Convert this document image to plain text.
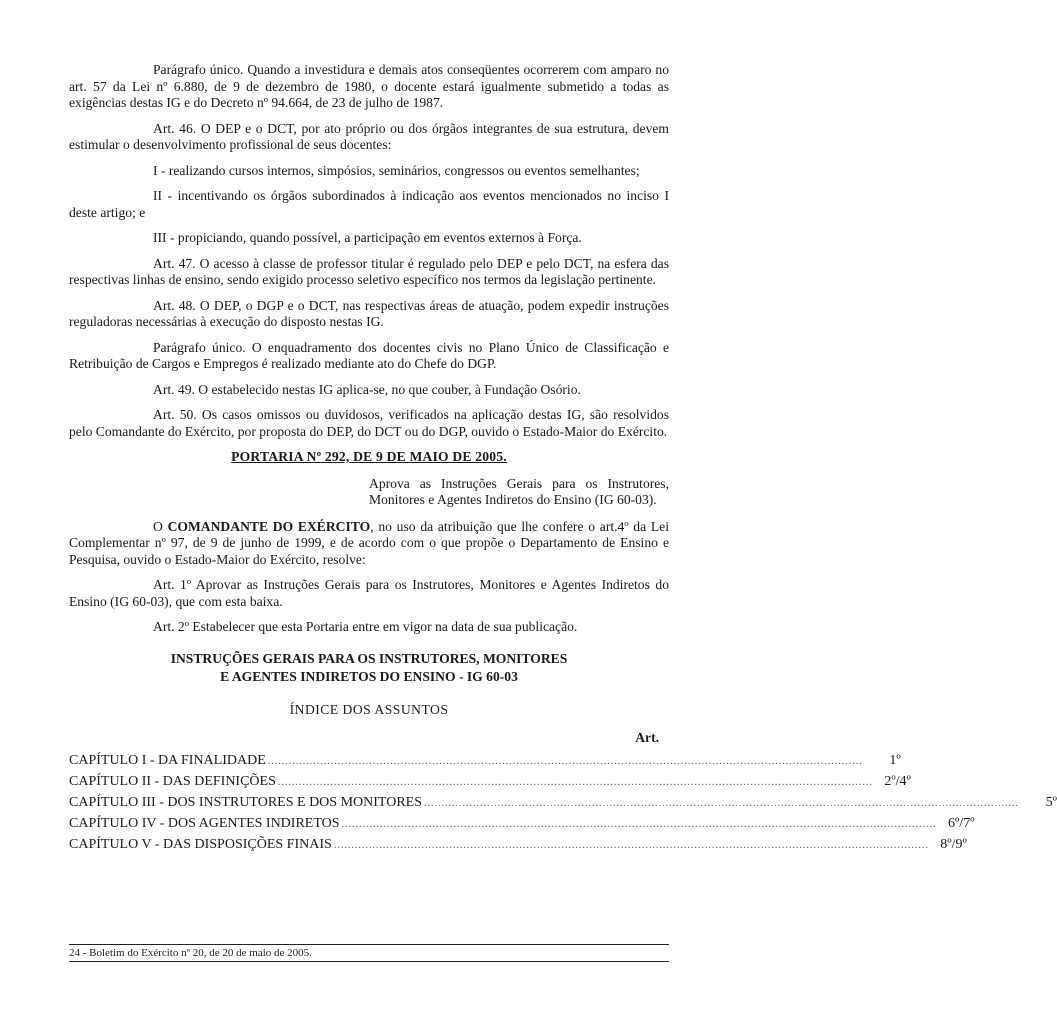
Parágrafo único. Quando a investidura e demais atos conseqüentes ocorrerem com amparo no art. 57 da Lei nº 6.880, de 9 de dezembro de 1980, o docente estará igualmente submetido a todas as exigências destas IG e do Decreto nº 94.664, de 23 de julho de 1987.

Art. 46. O DEP e o DCT, por ato próprio ou dos órgãos integrantes de sua estrutura, devem estimular o desenvolvimento profissional de seus docentes:

I - realizando cursos internos, simpósios, seminários, congressos ou eventos semelhantes;

II - incentivando os órgãos subordinados à indicação aos eventos mencionados no inciso I deste artigo; e

III - propiciando, quando possível, a participação em eventos externos à Força.

Art. 47. O acesso à classe de professor titular é regulado pelo DEP e pelo DCT, na esfera das respectivas linhas de ensino, sendo exigido processo seletivo específico nos termos da legislação pertinente.

Art. 48. O DEP, o DGP e o DCT, nas respectivas áreas de atuação, podem expedir instruções reguladoras necessárias à execução do disposto nestas IG.

Parágrafo único. O enquadramento dos docentes civis no Plano Único de Classificação e Retribuição de Cargos e Empregos é realizado mediante ato do Chefe do DGP.

Art. 49. O estabelecido nestas IG aplica-se, no que couber, à Fundação Osório.

Art. 50. Os casos omissos ou duvidosos, verificados na aplicação destas IG, são resolvidos pelo Comandante do Exército, por proposta do DEP, do DCT ou do DGP, ouvido o Estado-Maior do Exército.

PORTARIA Nº 292, DE 9 DE MAIO DE 2005.

Aprova as Instruções Gerais para os Instrutores, Monitores e Agentes Indiretos do Ensino (IG 60-03).

O COMANDANTE DO EXÉRCITO, no uso da atribuição que lhe confere o art.4º da Lei Complementar nº 97, de 9 de junho de 1999, e de acordo com o que propõe o Departamento de Ensino e Pesquisa, ouvido o Estado-Maior do Exército, resolve:

Art. 1º Aprovar as Instruções Gerais para os Instrutores, Monitores e Agentes Indiretos do Ensino (IG 60-03), que com esta baixa.

Art. 2º Estabelecer que esta Portaria entre em vigor na data de sua publicação.

INSTRUÇÕES GERAIS PARA OS INSTRUTORES, MONITORES
E AGENTES INDIRETOS DO ENSINO - IG 60-03
ÍNDICE DOS ASSUNTOS
Art.
CAPÍTULO I - DA FINALIDADE ..........................................................................................................................................................................	1º
CAPÍTULO II - DAS DEFINIÇÕES .......................................................................................................................................................................... 2º/4º
CAPÍTULO III - DOS INSTRUTORES E DOS MONITORES ..........................................................................................................................................................................	5º
CAPÍTULO IV - DOS AGENTES INDIRETOS .......................................................................................................................................................................... 6º/7º
CAPÍTULO V - DAS DISPOSIÇÕES FINAIS .......................................................................................................................................................................... 8º/9º
24 - Boletim do Exército nº 20, de 20 de maio de 2005.
